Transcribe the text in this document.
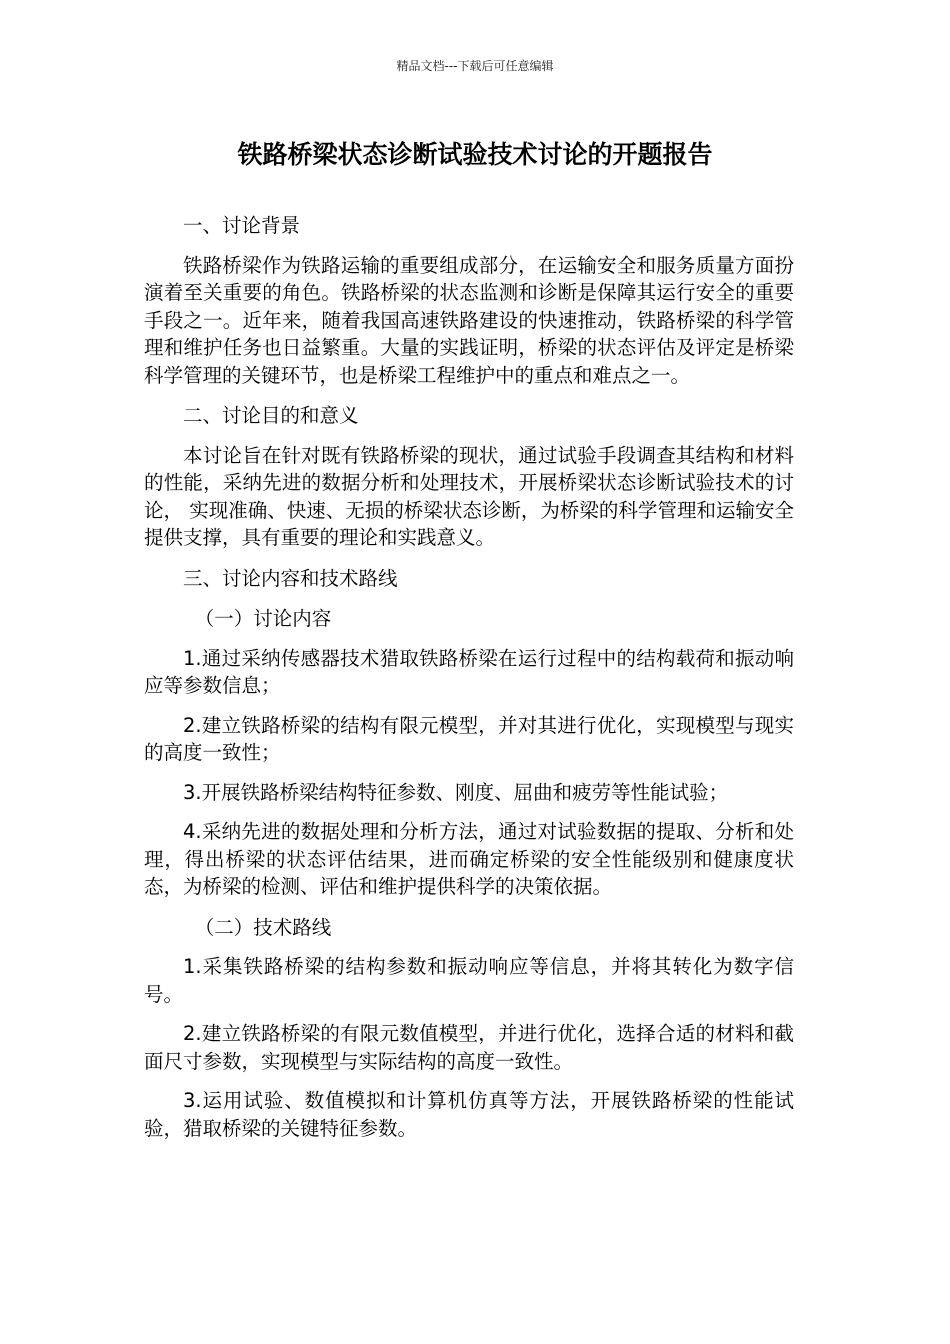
精品文档---下载后可任意编辑
铁路桥梁状态诊断试验技术讨论的开题报告

一、讨论背景

铁路桥梁作为铁路运输的重要组成部分，在运输安全和服务质量方面扮演着至关重要的角色。铁路桥梁的状态监测和诊断是保障其运行安全的重要手段之一。近年来，随着我国高速铁路建设的快速推动，铁路桥梁的科学管理和维护任务也日益繁重。大量的实践证明，桥梁的状态评估及评定是桥梁科学管理的关键环节，也是桥梁工程维护中的重点和难点之一。

二、讨论目的和意义

本讨论旨在针对既有铁路桥梁的现状，通过试验手段调查其结构和材料的性能，采纳先进的数据分析和处理技术，开展桥梁状态诊断试验技术的讨论， 实现准确、快速、无损的桥梁状态诊断，为桥梁的科学管理和运输安全提供支撑，具有重要的理论和实践意义。

三、讨论内容和技术路线

（一）讨论内容

1.通过采纳传感器技术猎取铁路桥梁在运行过程中的结构载荷和振动响应等参数信息；

2.建立铁路桥梁的结构有限元模型，并对其进行优化，实现模型与现实的高度一致性；

3.开展铁路桥梁结构特征参数、刚度、屈曲和疲劳等性能试验；

4.采纳先进的数据处理和分析方法，通过对试验数据的提取、分析和处理，得出桥梁的状态评估结果，进而确定桥梁的安全性能级别和健康度状态，为桥梁的检测、评估和维护提供科学的决策依据。

（二）技术路线

1.采集铁路桥梁的结构参数和振动响应等信息，并将其转化为数字信号。

2.建立铁路桥梁的有限元数值模型，并进行优化，选择合适的材料和截面尺寸参数，实现模型与实际结构的高度一致性。

3.运用试验、数值模拟和计算机仿真等方法，开展铁路桥梁的性能试验，猎取桥梁的关键特征参数。
